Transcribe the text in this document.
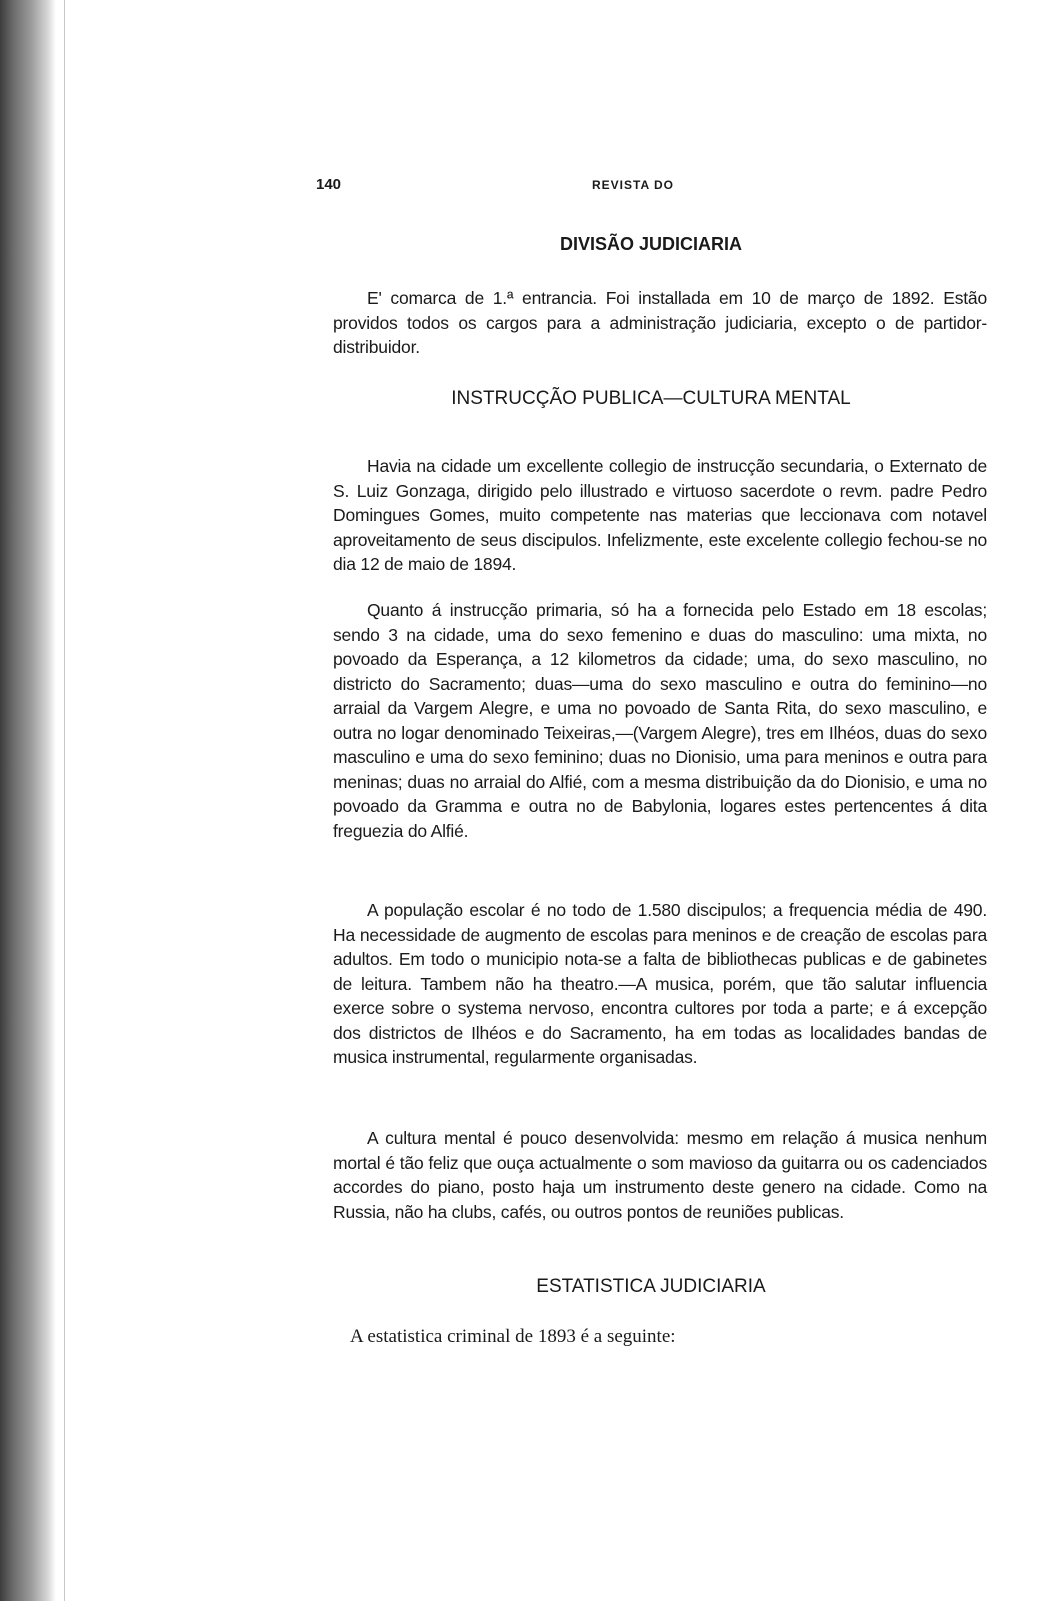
140	REVISTA DO
DIVISÃO JUDICIARIA

E' comarca de 1.ª entrancia. Foi installada em 10 de março de 1892. Estão providos todos os cargos para a administração judiciaria, excepto o de partidor-distribuidor.

INSTRUCÇÃO PUBLICA—CULTURA MENTAL

Havia na cidade um excellente collegio de instrucção secundaria, o Externato de S. Luiz Gonzaga, dirigido pelo illustrado e virtuoso sacerdote o revm. padre Pedro Domingues Gomes, muito competente nas materias que leccionava com notavel aproveitamento de seus discipulos. Infelizmente, este excelente collegio fechou-se no dia 12 de maio de 1894.

Quanto á instrucção primaria, só ha a fornecida pelo Estado em 18 escolas; sendo 3 na cidade, uma do sexo femenino e duas do masculino: uma mixta, no povoado da Esperança, a 12 kilometros da cidade; uma, do sexo masculino, no districto do Sacramento; duas—uma do sexo masculino e outra do feminino—no arraial da Vargem Alegre, e uma no povoado de Santa Rita, do sexo masculino, e outra no logar denominado Teixeiras,—(Vargem Alegre), tres em Ilhéos, duas do sexo masculino e uma do sexo feminino; duas no Dionisio, uma para meninos e outra para meninas; duas no arraial do Alfié, com a mesma distribuição da do Dionisio, e uma no povoado da Gramma e outra no de Babylonia, logares estes pertencentes á dita freguezia do Alfié.

A população escolar é no todo de 1.580 discipulos; a frequencia média de 490. Ha necessidade de augmento de escolas para meninos e de creação de escolas para adultos. Em todo o municipio nota-se a falta de bibliothecas publicas e de gabinetes de leitura. Tambem não ha theatro.—A musica, porém, que tão salutar influencia exerce sobre o systema nervoso, encontra cultores por toda a parte; e á excepção dos districtos de Ilhéos e do Sacramento, ha em todas as localidades bandas de musica instrumental, regularmente organisadas.

A cultura mental é pouco desenvolvida: mesmo em relação á musica nenhum mortal é tão feliz que ouça actualmente o som mavioso da guitarra ou os cadenciados accordes do piano, posto haja um instrumento deste genero na cidade. Como na Russia, não ha clubs, cafés, ou outros pontos de reuniões publicas.

ESTATISTICA JUDICIARIA

A estatistica criminal de 1893 é a seguinte:
